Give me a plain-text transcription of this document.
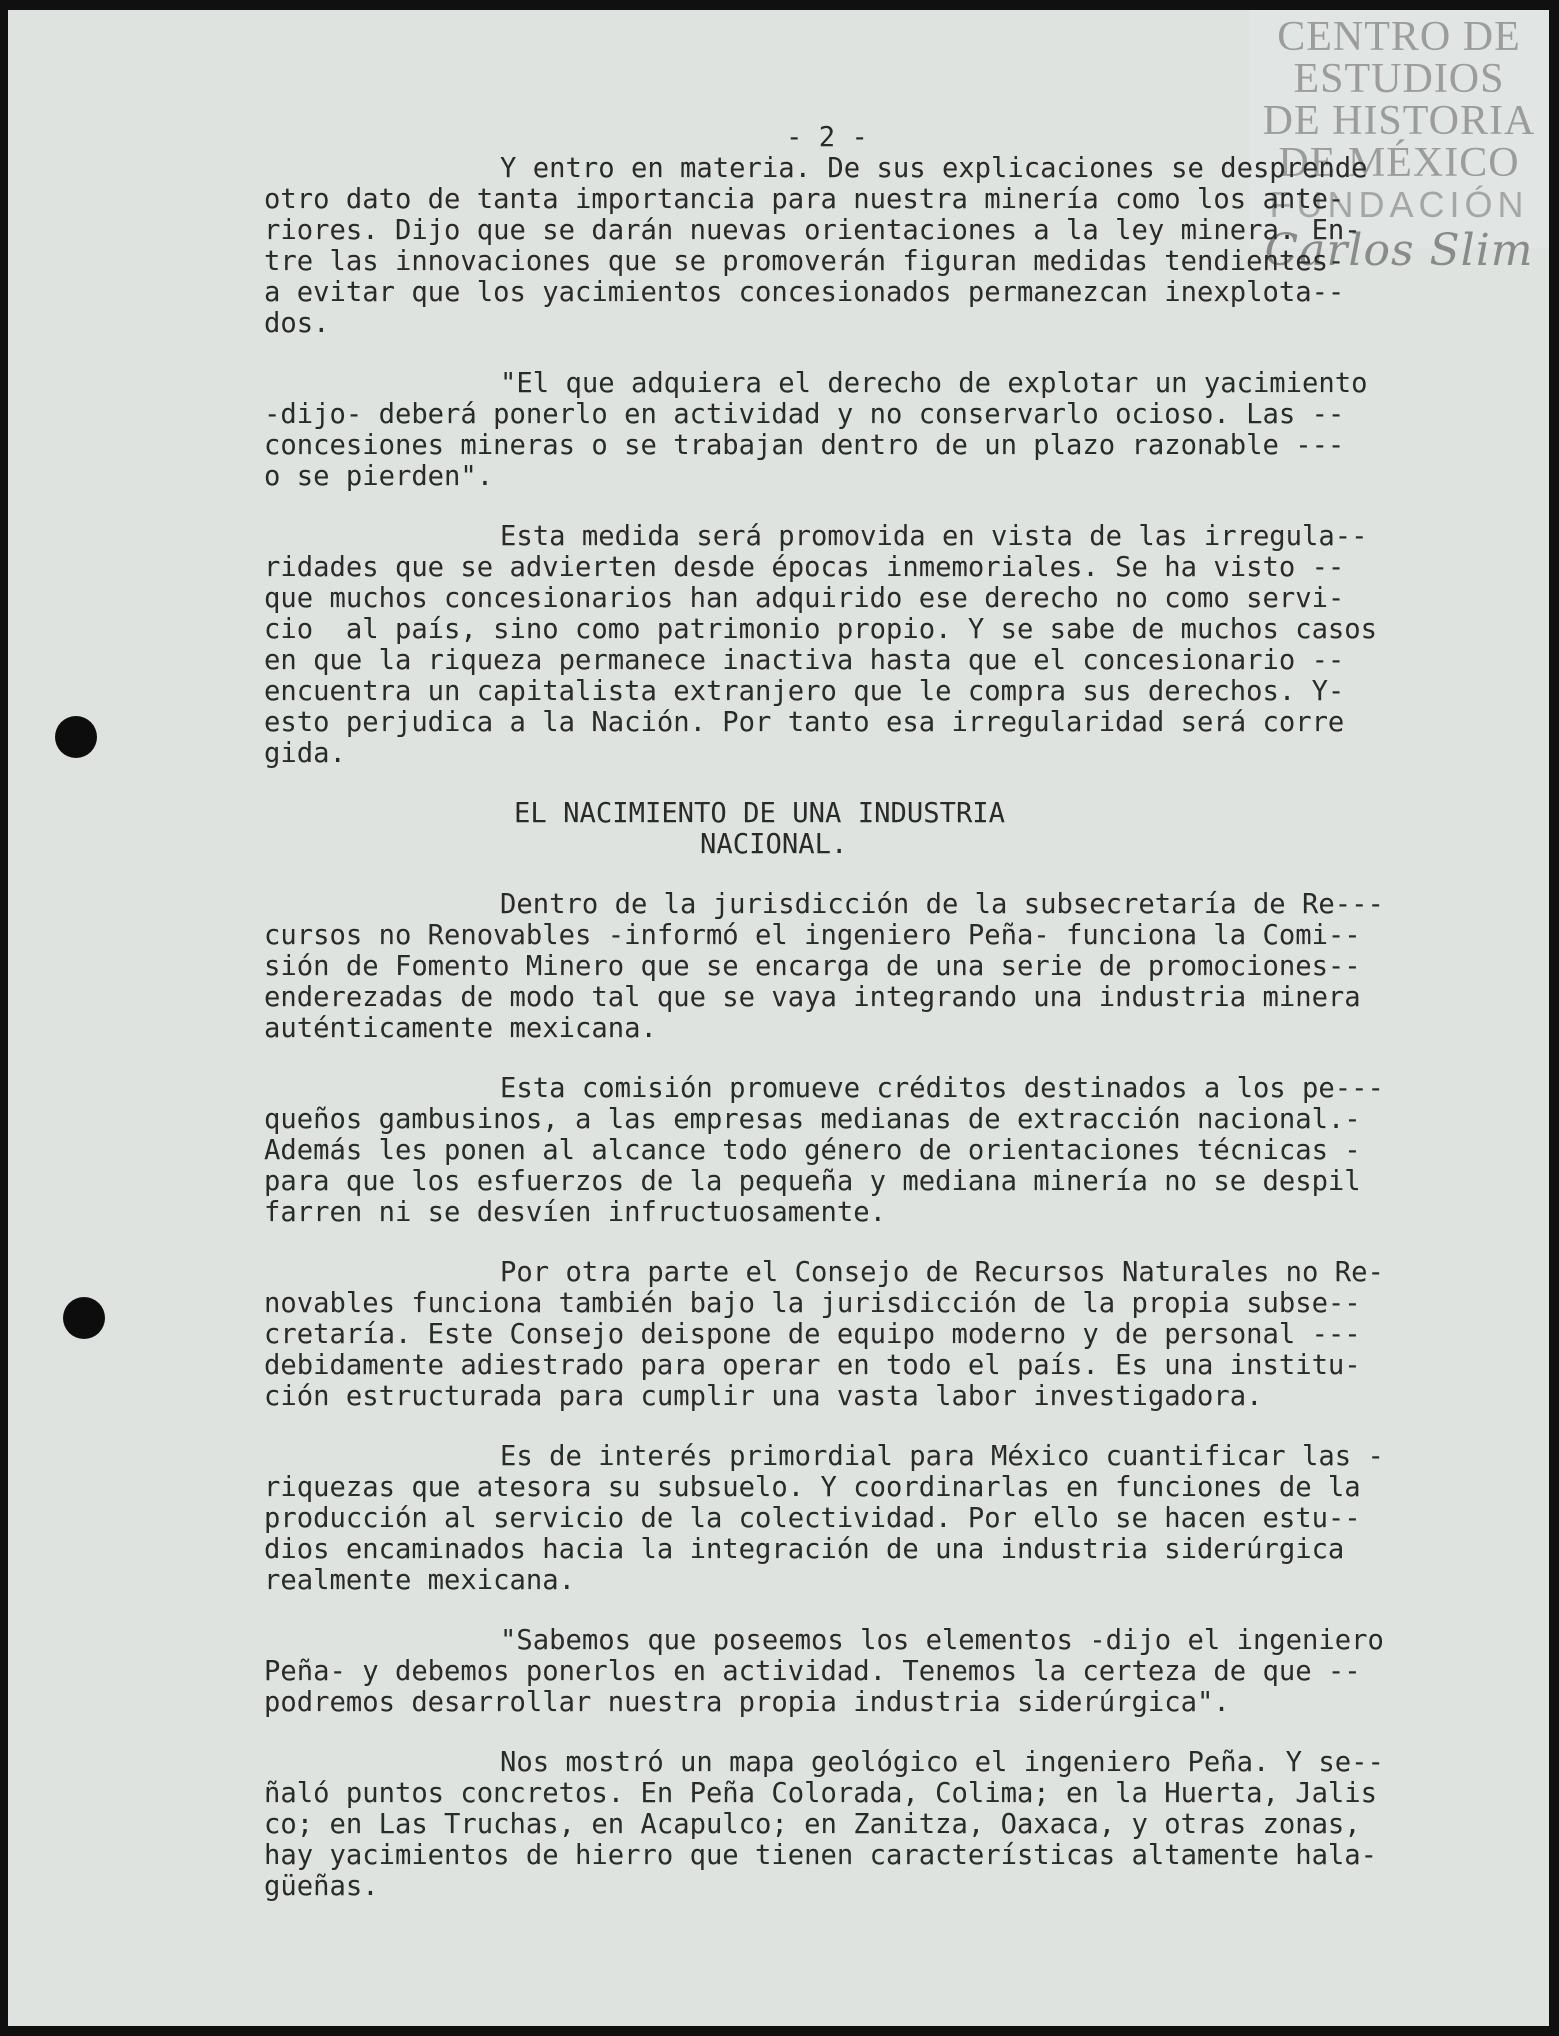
CENTRO DE
ESTUDIOS
DE HISTORIA
DE MÉXICO
FUNDACIÓN
Carlos Slim
- 2 -
Y entro en materia. De sus explicaciones se desprende
otro dato de tanta importancia para nuestra minería como los ante-
riores. Dijo que se darán nuevas orientaciones a la ley minera. En-
tre las innovaciones que se promoverán figuran medidas tendientes-
a evitar que los yacimientos concesionados permanezcan inexplota--
dos.
"El que adquiera el derecho de explotar un yacimiento
-dijo- deberá ponerlo en actividad y no conservarlo ocioso. Las --
concesiones mineras o se trabajan dentro de un plazo razonable ---
o se pierden".
Esta medida será promovida en vista de las irregula--
ridades que se advierten desde épocas inmemoriales. Se ha visto --
que muchos concesionarios han adquirido ese derecho no como servi-
cio  al país, sino como patrimonio propio. Y se sabe de muchos casos
en que la riqueza permanece inactiva hasta que el concesionario --
encuentra un capitalista extranjero que le compra sus derechos. Y-
esto perjudica a la Nación. Por tanto esa irregularidad será corre
gida.
EL NACIMIENTO DE UNA INDUSTRIA
NACIONAL.
Dentro de la jurisdicción de la subsecretaría de Re---
cursos no Renovables -informó el ingeniero Peña- funciona la Comi--
sión de Fomento Minero que se encarga de una serie de promociones--
enderezadas de modo tal que se vaya integrando una industria minera
auténticamente mexicana.
Esta comisión promueve créditos destinados a los pe---
queños gambusinos, a las empresas medianas de extracción nacional.-
Además les ponen al alcance todo género de orientaciones técnicas -
para que los esfuerzos de la pequeña y mediana minería no se despil
farren ni se desvíen infructuosamente.
Por otra parte el Consejo de Recursos Naturales no Re-
novables funciona también bajo la jurisdicción de la propia subse--
cretaría. Este Consejo deispone de equipo moderno y de personal ---
debidamente adiestrado para operar en todo el país. Es una institu-
ción estructurada para cumplir una vasta labor investigadora.
Es de interés primordial para México cuantificar las -
riquezas que atesora su subsuelo. Y coordinarlas en funciones de la
producción al servicio de la colectividad. Por ello se hacen estu--
dios encaminados hacia la integración de una industria siderúrgica
realmente mexicana.
"Sabemos que poseemos los elementos -dijo el ingeniero
Peña- y debemos ponerlos en actividad. Tenemos la certeza de que --
podremos desarrollar nuestra propia industria siderúrgica".
Nos mostró un mapa geológico el ingeniero Peña. Y se--
ñaló puntos concretos. En Peña Colorada, Colima; en la Huerta, Jalis
co; en Las Truchas, en Acapulco; en Zanitza, Oaxaca, y otras zonas,
hay yacimientos de hierro que tienen características altamente hala-
güeñas.
